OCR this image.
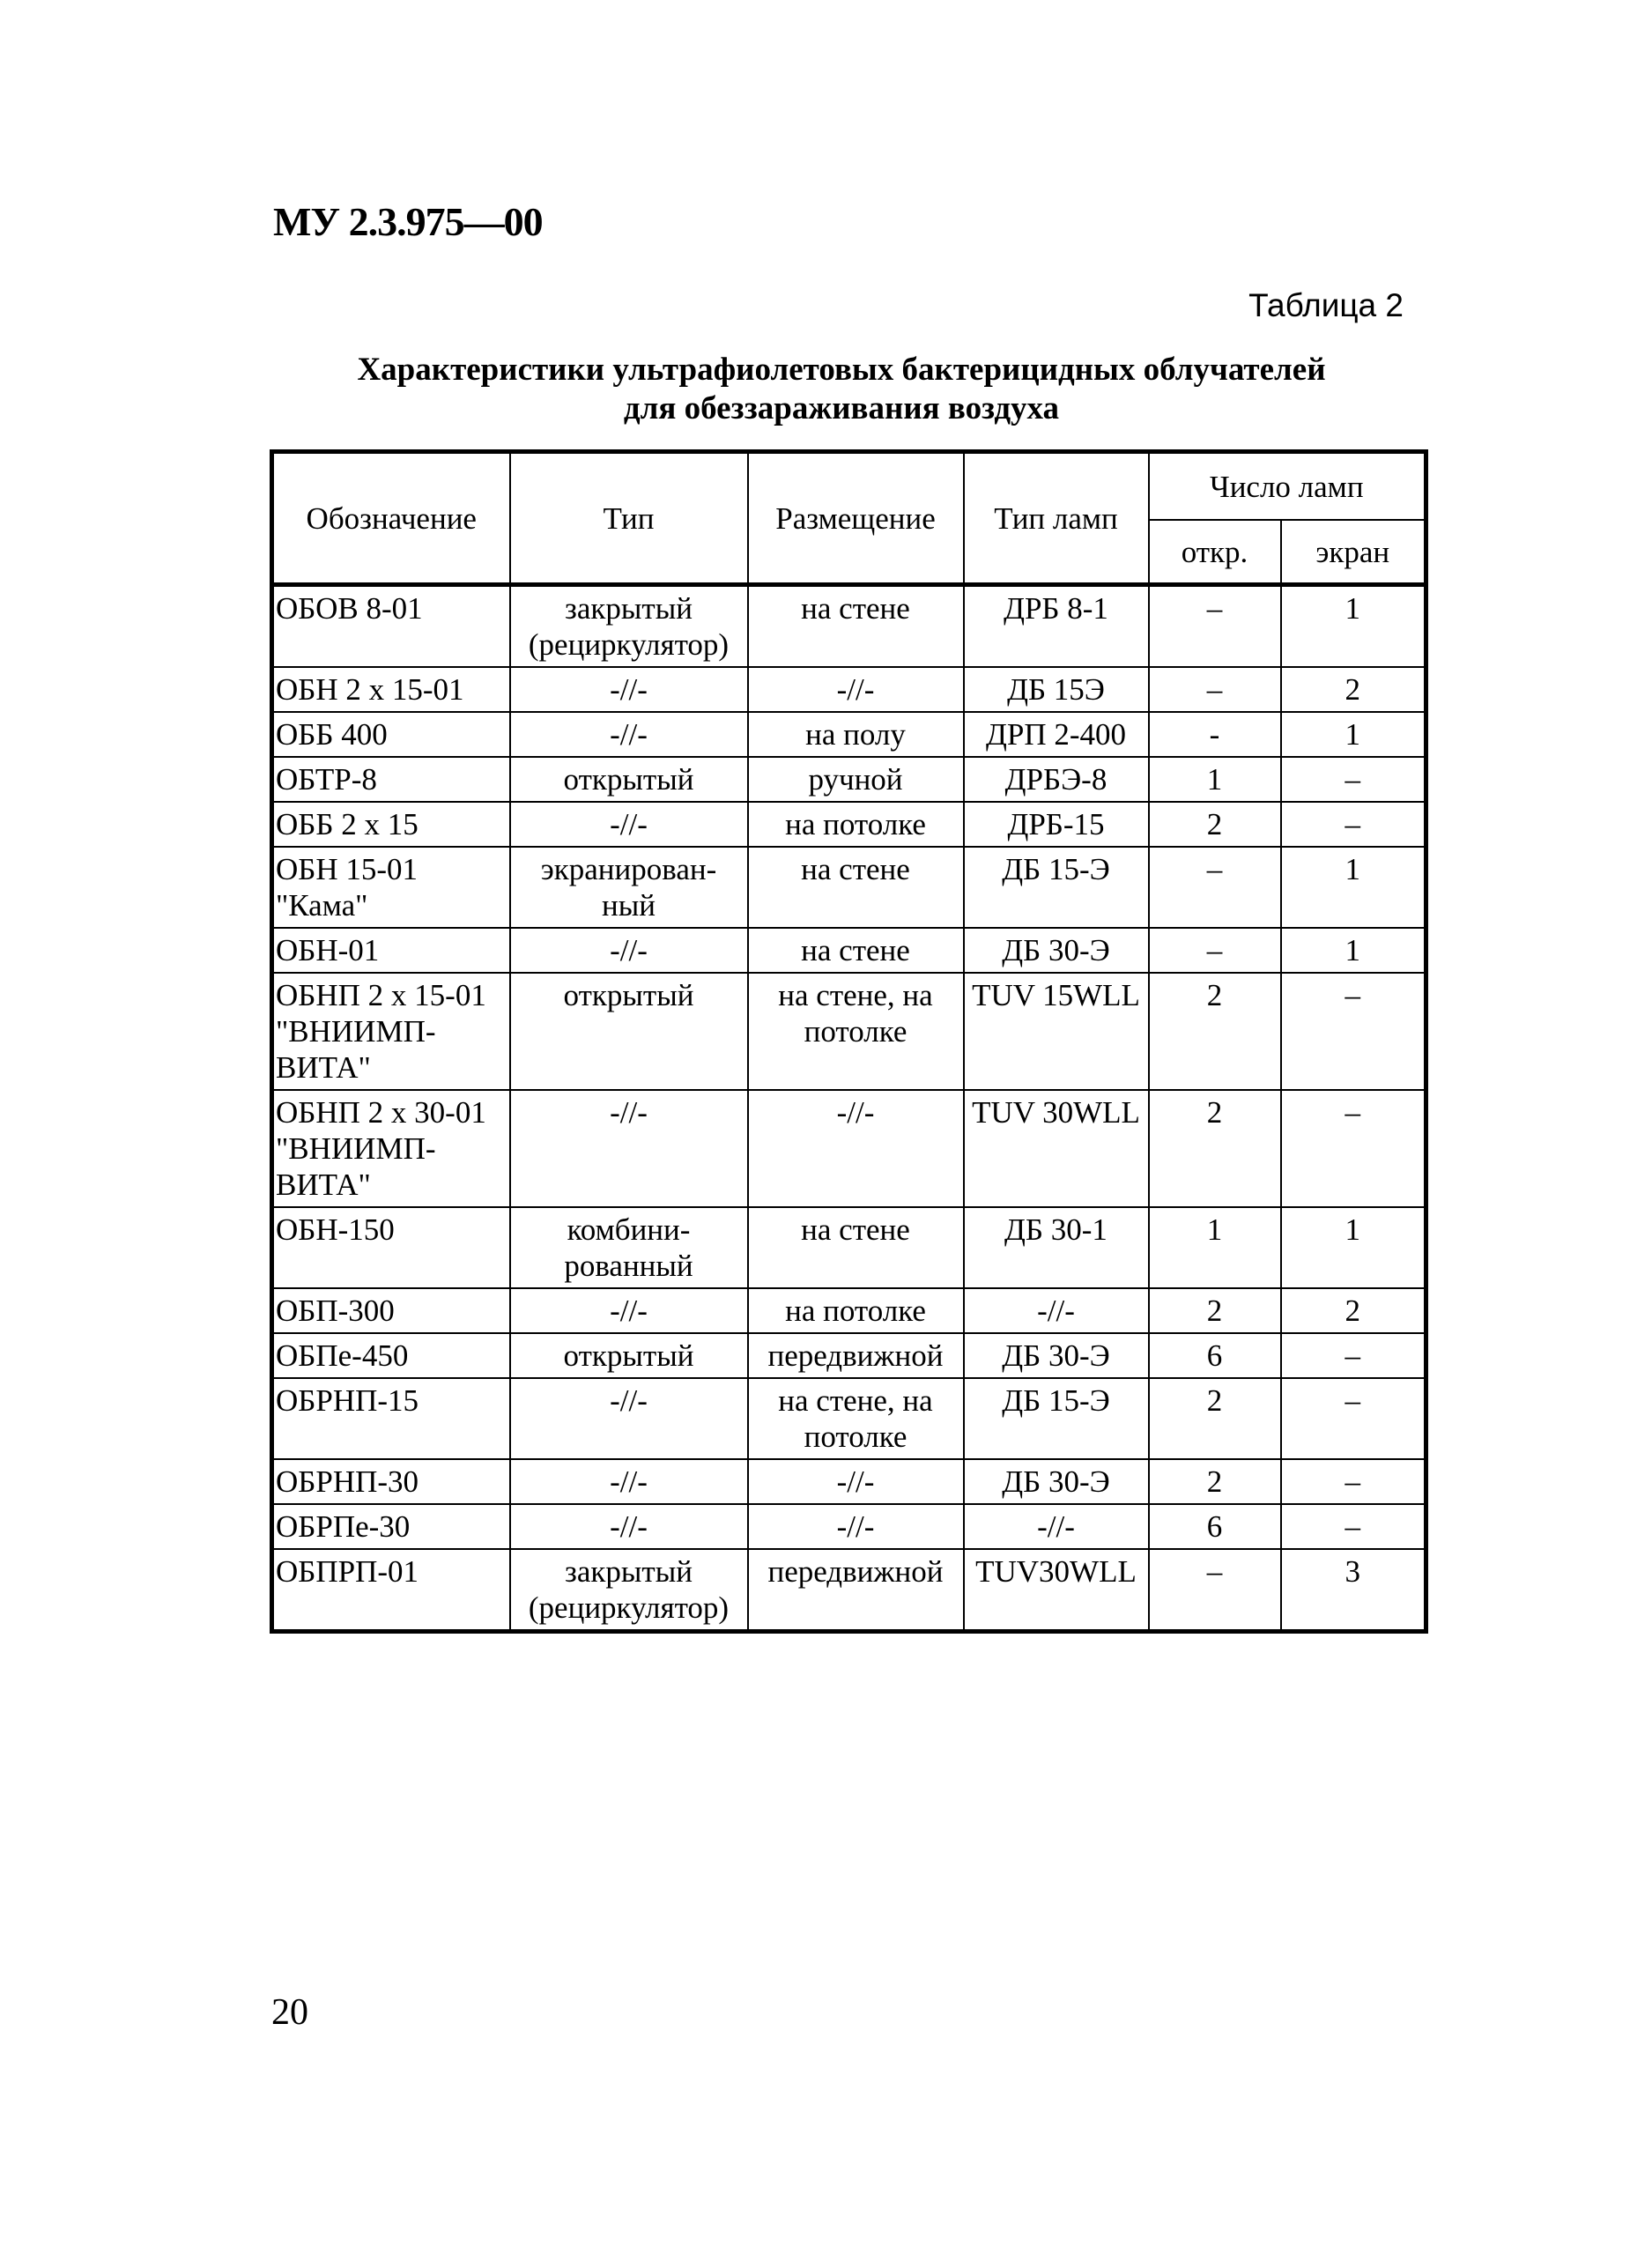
МУ 2.3.975—00
Таблица 2
Характеристики ультрафиолетовых бактерицидных облучателей
для обеззараживания воздуха
Обозначение	Тип	Размещение	Тип ламп	Число ламп	
				откр.	экран
ОБОВ 8-01	закрытый (рециркулятор)	на стене	ДРБ 8-1	–	1
ОБН 2 х 15-01	-//-	-//-	ДБ 15Э	–	2
ОББ 400	-//-	на полу	ДРП 2-400	-	1
ОБТР-8	открытый	ручной	ДРБЭ-8	1	–
ОББ 2 х 15	-//-	на потолке	ДРБ-15	2	–
ОБН 15-01 "Кама"	экранирован-ный	на стене	ДБ 15-Э	–	1
ОБН-01	-//-	на стене	ДБ 30-Э	–	1
ОБНП 2 х 15-01 "ВНИИМП-ВИТА"	открытый	на стене, на потолке	TUV 15WLL	2	–
ОБНП 2 х 30-01 "ВНИИМП-ВИТА"	-//-	-//-	TUV 30WLL	2	–
ОБН-150	комбини-рованный	на стене	ДБ 30-1	1	1
ОБП-300	-//-	на потолке	-//-	2	2
ОБПе-450	открытый	передвижной	ДБ 30-Э	6	–
ОБРНП-15	-//-	на стене, на потолке	ДБ 15-Э	2	–
ОБРНП-30	-//-	-//-	ДБ 30-Э	2	–
ОБРПе-30	-//-	-//-	-//-	6	–
ОБПРП-01	закрытый (рециркулятор)	передвижной	TUV30WLL	–	3
20
